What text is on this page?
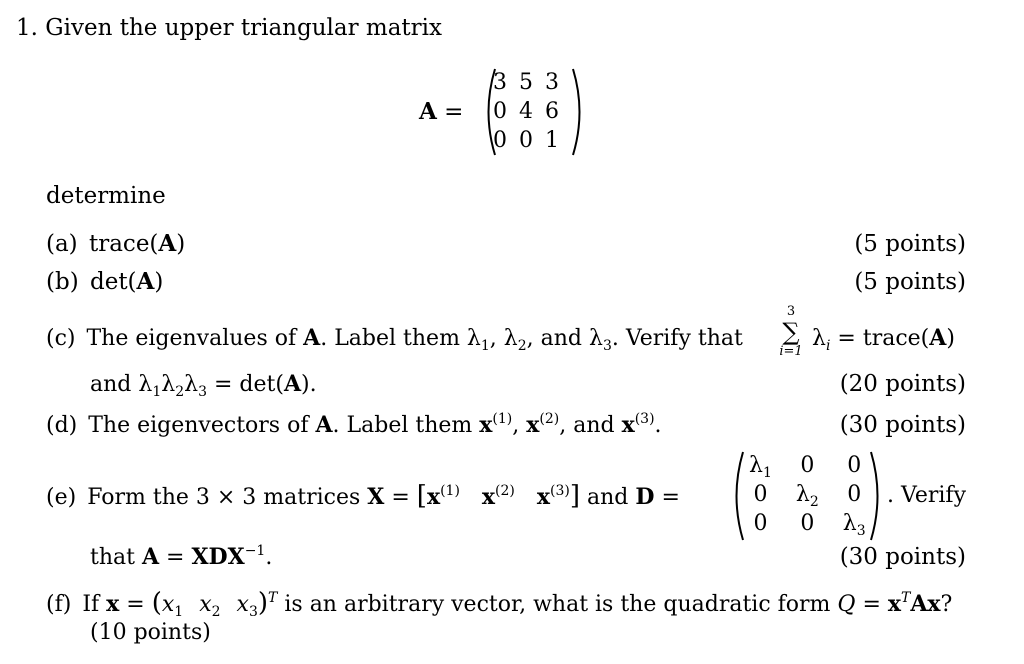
1. Given the upper triangular matrix
A =
3	5	3
0	4	6
0	0	1
determine
(a) trace(A)	(5 points)
(b) det(A)	(5 points)
(c) The eigenvalues of A. Label them $\lambda_1$, $\lambda_2$, and $\lambda_3$. Verify that
3
∑
i=1
$\lambda_i$ = trace(A)
and $\lambda_1\lambda_2\lambda_3 = \det(A)$.	(20 points)
(d) The eigenvectors of A. Label them $x^{(1)}$, $x^{(2)}$, and $x^{(3)}$.	(30 points)
(e) Form the 3 × 3 matrices $X = [x^{(1)}$ $x^{(2)}$ $x^{(3)}$] and D =
$\lambda_1$	0	0
0	$\lambda_2$	0
0	0	$\lambda_3$
. Verify
that $A = XDX^{-1}$.	(30 points)
(f) If $x = (x_1$ $x_2$ $x_3)^T$ is an arbitrary vector, what is the quadratic form $Q = x^TAx$?
(10 points)
